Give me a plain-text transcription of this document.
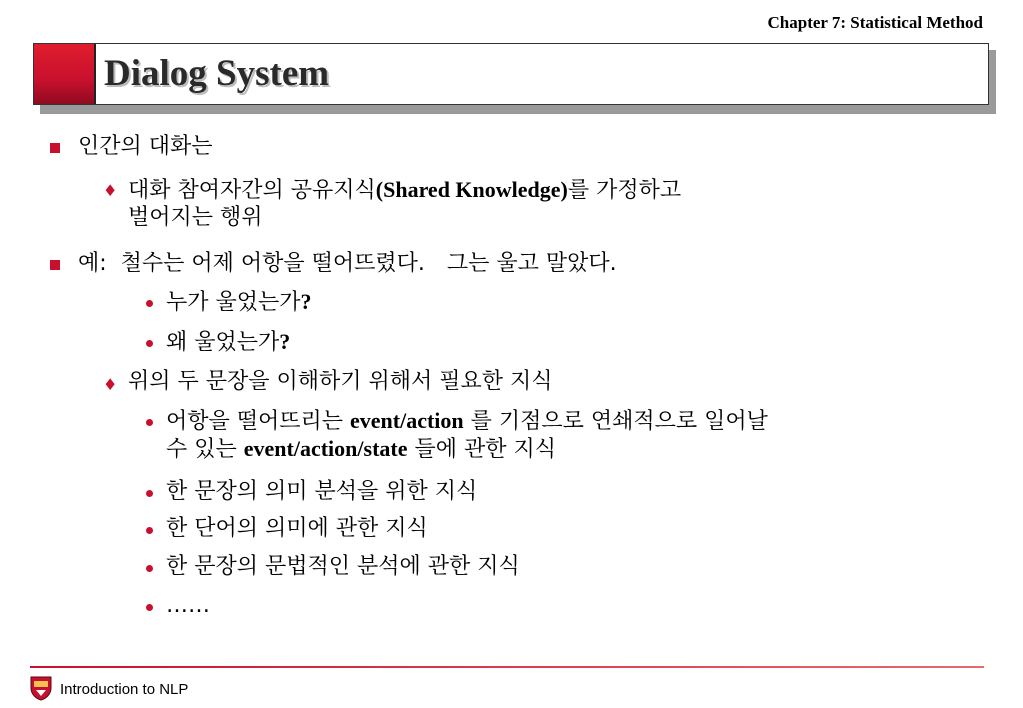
Chapter 7: Statistical Method
Dialog System
인간의 대화는
♦ 대화 참여자간의 공유지식(Shared Knowledge)를 가정하고
벌어지는 행위
예: 철수는 어제 어항을 떨어뜨렸다. 그는 울고 말았다.
누가 울었는가?
왜 울었는가?
♦ 위의 두 문장을 이해하기 위해서 필요한 지식
어항을 떨어뜨리는 event/action 를 기점으로 연쇄적으로 일어날
수 있는 event/action/state 들에 관한 지식
한 문장의 의미 분석을 위한 지식
한 단어의 의미에 관한 지식
한 문장의 문법적인 분석에 관한 지식
……
Introduction to NLP
